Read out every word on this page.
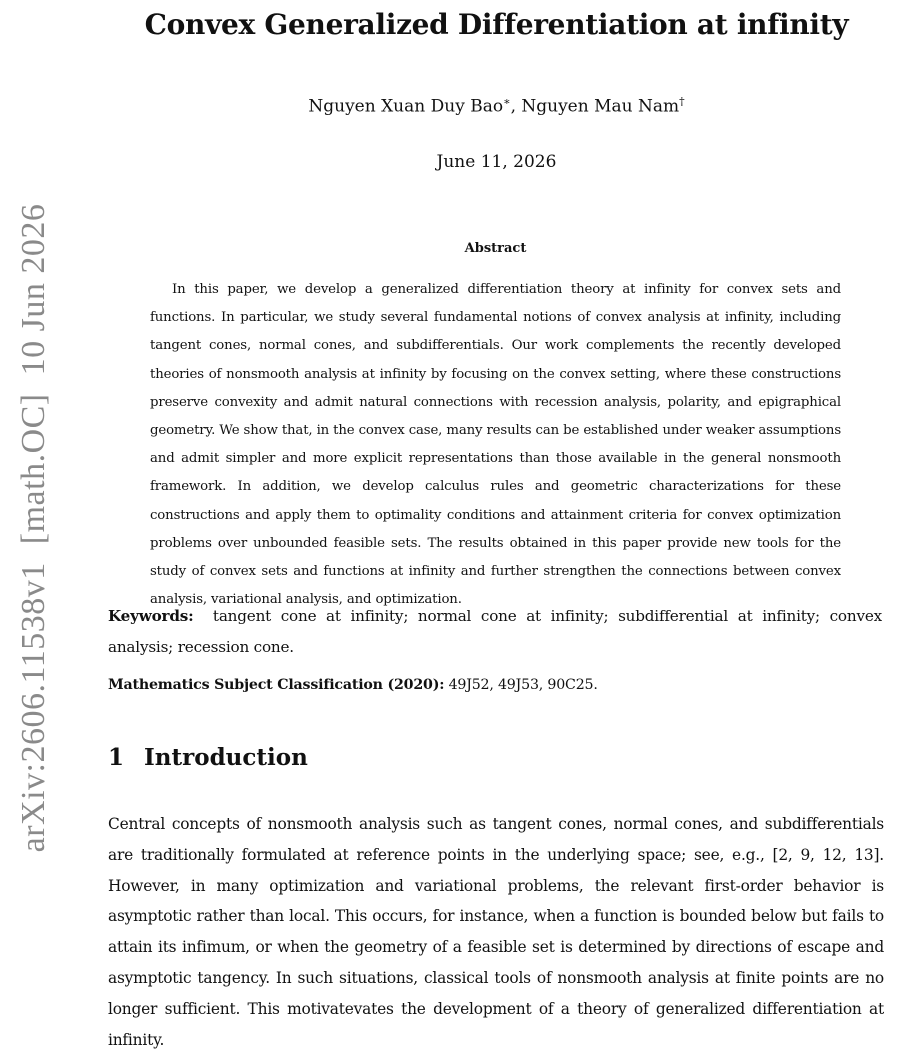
arXiv:2606.11538v1[math.OC]10 Jun 2026
Convex Generalized Differentiation at infinity
Nguyen Xuan Duy Bao∗, Nguyen Mau Nam†
June 11, 2026
Abstract

In this paper, we develop a generalized differentiation theory at infinity for convex sets and functions. In particular, we study several fundamental notions of convex analysis at infinity, including tangent cones, normal cones, and subdifferentials. Our work complements the recently developed theories of nonsmooth analysis at infinity by focusing on the convex setting, where these constructions preserve convexity and admit natural connections with recession analysis, polarity, and epigraphical geometry. We show that, in the convex case, many results can be established under weaker assumptions and admit simpler and more explicit representations than those available in the general nonsmooth framework. In addition, we develop calculus rules and geometric characterizations for these constructions and apply them to optimality conditions and attainment criteria for convex optimization problems over unbounded feasible sets. The results obtained in this paper provide new tools for the study of convex sets and functions at infinity and further strengthen the connections between convex analysis, variational analysis, and optimization.

Keywords: tangent cone at infinity; normal cone at infinity; subdifferential at infinity; convex analysis; recession cone.

Mathematics Subject Classification (2020): 49J52, 49J53, 90C25.

1 Introduction

Central concepts of nonsmooth analysis such as tangent cones, normal cones, and subdifferentials are traditionally formulated at reference points in the underlying space; see, e.g., [2, 9, 12, 13]. However, in many optimization and variational problems, the relevant first-order behavior is asymptotic rather than local. This occurs, for instance, when a function is bounded below but fails to attain its infimum, or when the geometry of a feasible set is determined by directions of escape and asymptotic tangency. In such situations, classical tools of nonsmooth analysis at finite points are no longer sufficient. This motivatevates the development of a theory of generalized differentiation at infinity.
